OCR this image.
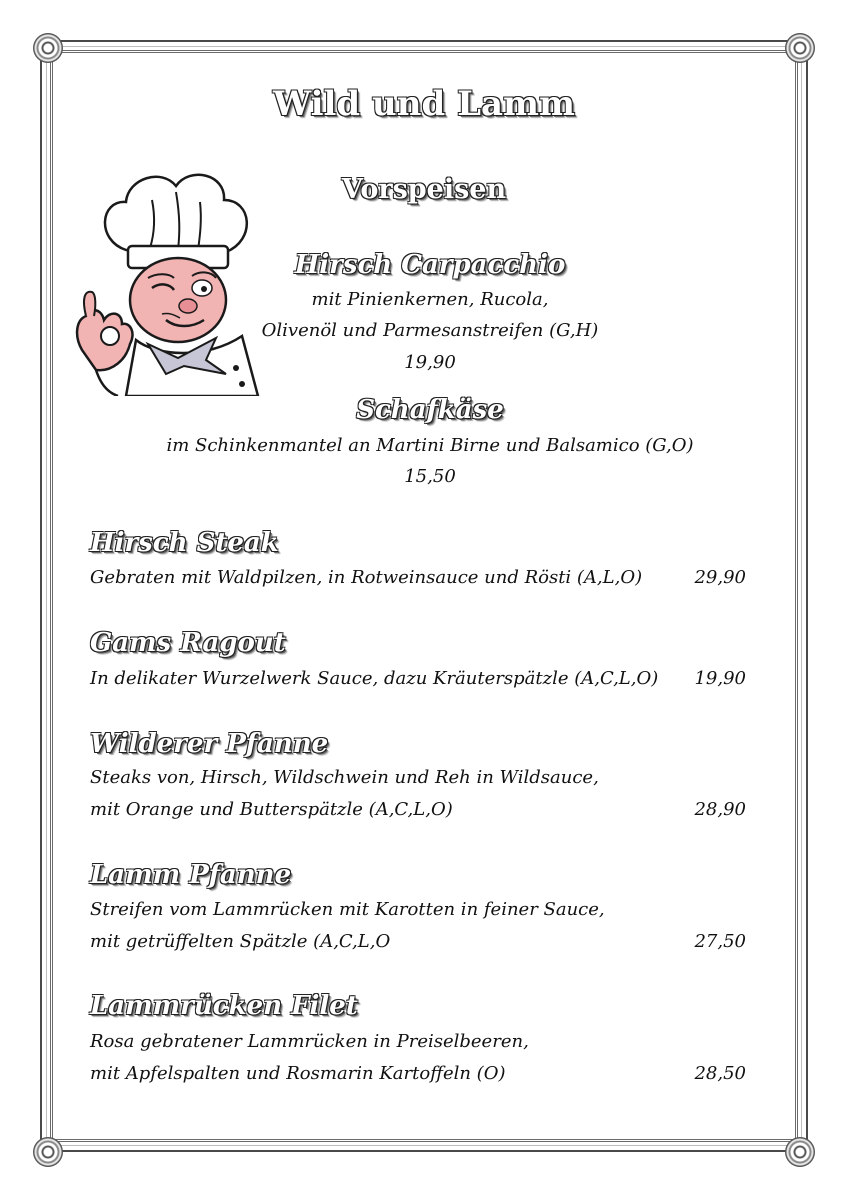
Wild und Lamm
Vorspeisen
Hirsch Carpacchio
mit Pinienkernen, Rucola,
Olivenöl und Parmesanstreifen (G,H)
19,90
Schafkäse
im Schinkenmantel an Martini Birne und Balsamico (G,O)
15,50
Hirsch Steak
Gebraten mit Waldpilzen, in Rotweinsauce und Rösti (A,L,O)	29,90
Gams Ragout
In delikater Wurzelwerk Sauce, dazu Kräuterspätzle (A,C,L,O) 19,90
Wilderer Pfanne
Steaks von, Hirsch, Wildschwein und Reh in Wildsauce,
mit Orange und Butterspätzle (A,C,L,O)	28,90
Lamm Pfanne
Streifen vom Lammrücken mit Karotten in feiner Sauce,
mit getrüffelten Spätzle (A,C,L,O	27,50
Lammrücken Filet
Rosa gebratener Lammrücken in Preiselbeeren,
mit Apfelspalten und Rosmarin Kartoffeln (O)	28,50
